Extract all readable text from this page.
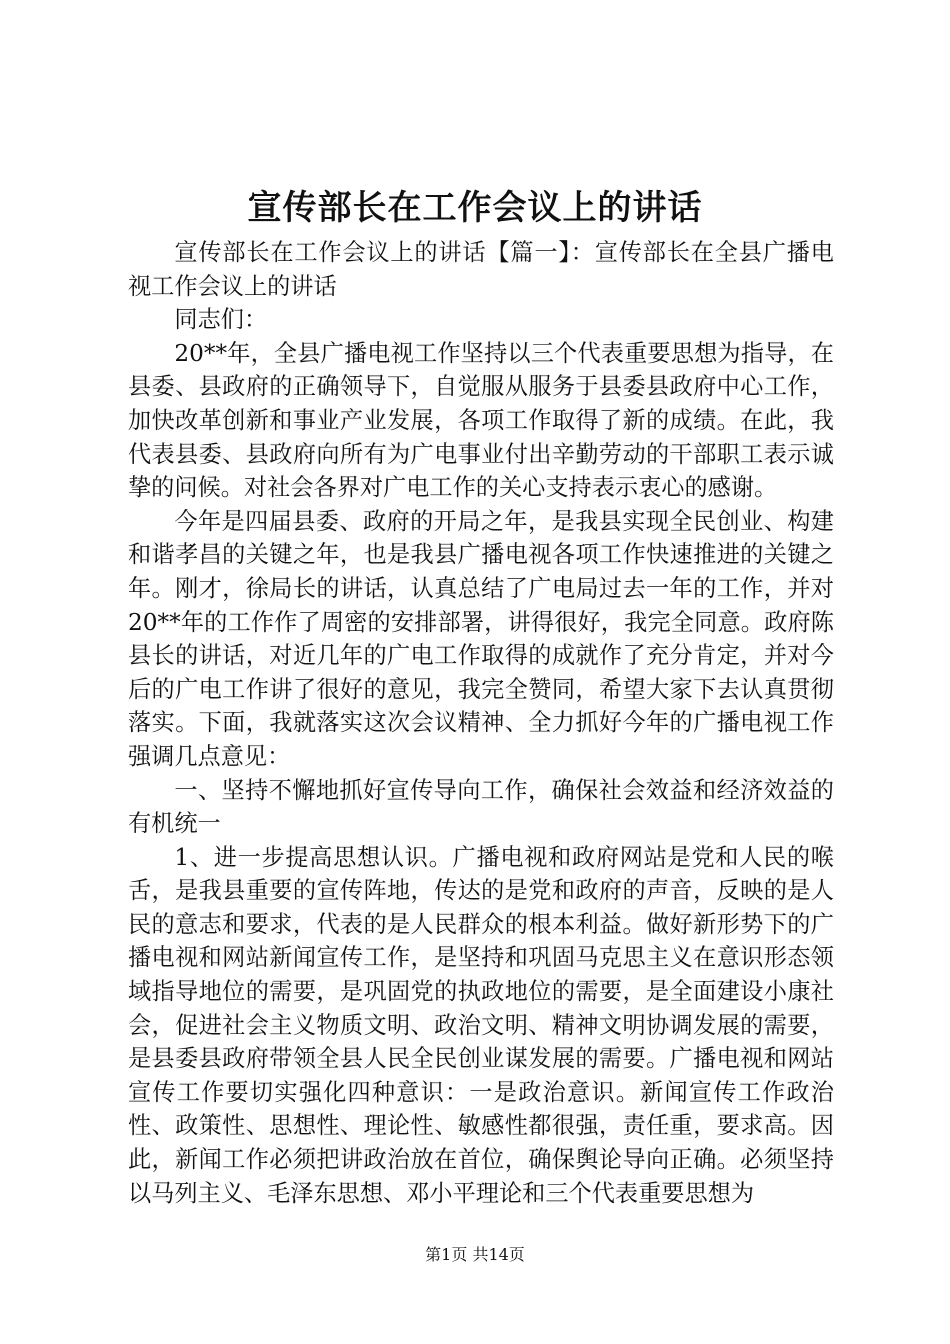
宣传部长在工作会议上的讲话

宣传部长在工作会议上的讲话【篇一】：宣传部长在全县广播电视工作会议上的讲话

同志们：

20**年，全县广播电视工作坚持以三个代表重要思想为指导，在县委、县政府的正确领导下，自觉服从服务于县委县政府中心工作，加快改革创新和事业产业发展，各项工作取得了新的成绩。在此，我代表县委、县政府向所有为广电事业付出辛勤劳动的干部职工表示诚挚的问候。对社会各界对广电工作的关心支持表示衷心的感谢。

今年是四届县委、政府的开局之年，是我县实现全民创业、构建和谐孝昌的关键之年，也是我县广播电视各项工作快速推进的关键之年。刚才，徐局长的讲话，认真总结了广电局过去一年的工作，并对20**年的工作作了周密的安排部署，讲得很好，我完全同意。政府陈县长的讲话，对近几年的广电工作取得的成就作了充分肯定，并对今后的广电工作讲了很好的意见，我完全赞同，希望大家下去认真贯彻落实。下面，我就落实这次会议精神、全力抓好今年的广播电视工作强调几点意见：

一、坚持不懈地抓好宣传导向工作，确保社会效益和经济效益的有机统一

1、进一步提高思想认识。广播电视和政府网站是党和人民的喉舌，是我县重要的宣传阵地，传达的是党和政府的声音，反映的是人民的意志和要求，代表的是人民群众的根本利益。做好新形势下的广播电视和网站新闻宣传工作，是坚持和巩固马克思主义在意识形态领域指导地位的需要，是巩固党的执政地位的需要，是全面建设小康社会，促进社会主义物质文明、政治文明、精神文明协调发展的需要，是县委县政府带领全县人民全民创业谋发展的需要。广播电视和网站宣传工作要切实强化四种意识：一是政治意识。新闻宣传工作政治性、政策性、思想性、理论性、敏感性都很强，责任重，要求高。因此，新闻工作必须把讲政治放在首位，确保舆论导向正确。必须坚持以马列主义、毛泽东思想、邓小平理论和三个代表重要思想为

第1页 共14页
